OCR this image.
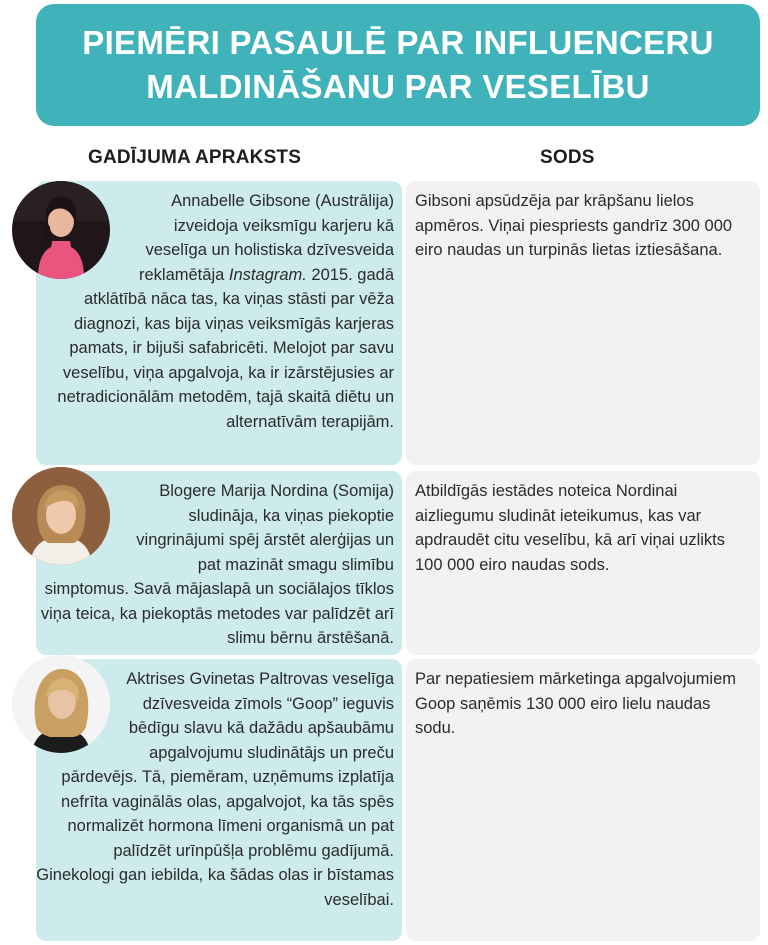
PIEMĒRI PASAULĒ PAR INFLUENCERU
MALDINĀŠANU PAR VESELĪBU
GADĪJUMA APRAKSTS	SODS
Annabelle Gibsone (Austrālija) izveidoja veiksmīgu karjeru kā veselīga un holistiska dzīvesveida reklamētāja Instagram. 2015. gadā atklātībā nāca tas, ka viņas stāsti par vēža diagnozi, kas bija viņas veiksmīgās karjeras pamats, ir bijuši safabricēti. Melojot par savu veselību, viņa apgalvoja, ka ir izārstējusies ar netradicionālām metodēm, tajā skaitā diētu un alternatīvām terapijām.
Gibsoni apsūdzēja par krāpšanu lielos apmēros. Viņai piespriests gandrīz 300 000 eiro naudas un turpinās lietas iztiesāšana.
Blogere Marija Nordina (Somija) sludināja, ka viņas piekoptie vingrinājumi spēj ārstēt alerģijas un pat mazināt smagu slimību simptomus. Savā mājaslapā un sociālajos tīklos viņa teica, ka piekoptās metodes var palīdzēt arī slimu bērnu ārstēšanā.
Atbildīgās iestādes noteica Nordinai aizliegumu sludināt ieteikumus, kas var apdraudēt citu veselību, kā arī viņai uzlikts 100 000 eiro naudas sods.
Aktrises Gvinetas Paltrovas veselīga dzīvesveida zīmols “Goop” ieguvis bēdīgu slavu kā dažādu apšaubāmu apgalvojumu sludinātājs un preču pārdevējs. Tā, piemēram, uzņēmums izplatīja nefrīta vaginālās olas, apgalvojot, ka tās spēs normalizēt hormona līmeni organismā un pat palīdzēt urīnpūšļa problēmu gadījumā. Ginekologi gan iebilda, ka šādas olas ir bīstamas veselībai.
Par nepatiesiem mārketinga apgalvojumiem Goop saņēmis 130 000 eiro lielu naudas sodu.
